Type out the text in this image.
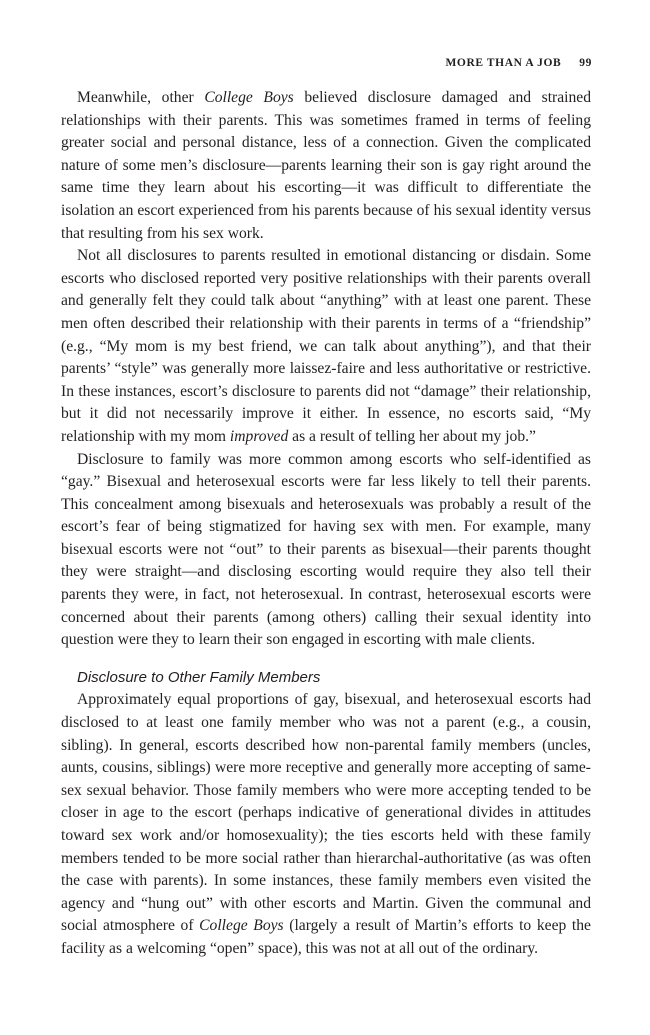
MORE THAN A JOB 99

Meanwhile, other College Boys believed disclosure damaged and strained relationships with their parents. This was sometimes framed in terms of feeling greater social and personal distance, less of a connection. Given the complicated nature of some men’s disclosure—parents learning their son is gay right around the same time they learn about his escorting—it was difficult to differentiate the isolation an escort experienced from his parents because of his sexual identity versus that resulting from his sex work.

Not all disclosures to parents resulted in emotional distancing or disdain. Some escorts who disclosed reported very positive relationships with their parents overall and generally felt they could talk about “anything” with at least one parent. These men often described their relationship with their parents in terms of a “friendship” (e.g., “My mom is my best friend, we can talk about anything”), and that their parents’ “style” was generally more laissez-faire and less authoritative or restrictive. In these instances, escort’s disclosure to parents did not “damage” their relationship, but it did not necessarily improve it either. In essence, no escorts said, “My relationship with my mom improved as a result of telling her about my job.”

Disclosure to family was more common among escorts who self-identified as “gay.” Bisexual and heterosexual escorts were far less likely to tell their parents. This concealment among bisexuals and heterosexuals was probably a result of the escort’s fear of being stigmatized for having sex with men. For example, many bisexual escorts were not “out” to their parents as bisexual—their parents thought they were straight—and disclosing escorting would require they also tell their parents they were, in fact, not heterosexual. In contrast, heterosexual escorts were concerned about their parents (among others) calling their sexual identity into question were they to learn their son engaged in escorting with male clients.

Disclosure to Other Family Members

Approximately equal proportions of gay, bisexual, and heterosexual escorts had disclosed to at least one family member who was not a parent (e.g., a cousin, sibling). In general, escorts described how non-parental family members (uncles, aunts, cousins, siblings) were more receptive and generally more accepting of same-sex sexual behavior. Those family members who were more accepting tended to be closer in age to the escort (perhaps indicative of generational divides in attitudes toward sex work and/or homosexuality); the ties escorts held with these family members tended to be more social rather than hierarchal-authoritative (as was often the case with parents). In some instances, these family members even visited the agency and “hung out” with other escorts and Martin. Given the communal and social atmosphere of College Boys (largely a result of Martin’s efforts to keep the facility as a welcoming “open” space), this was not at all out of the ordinary.
